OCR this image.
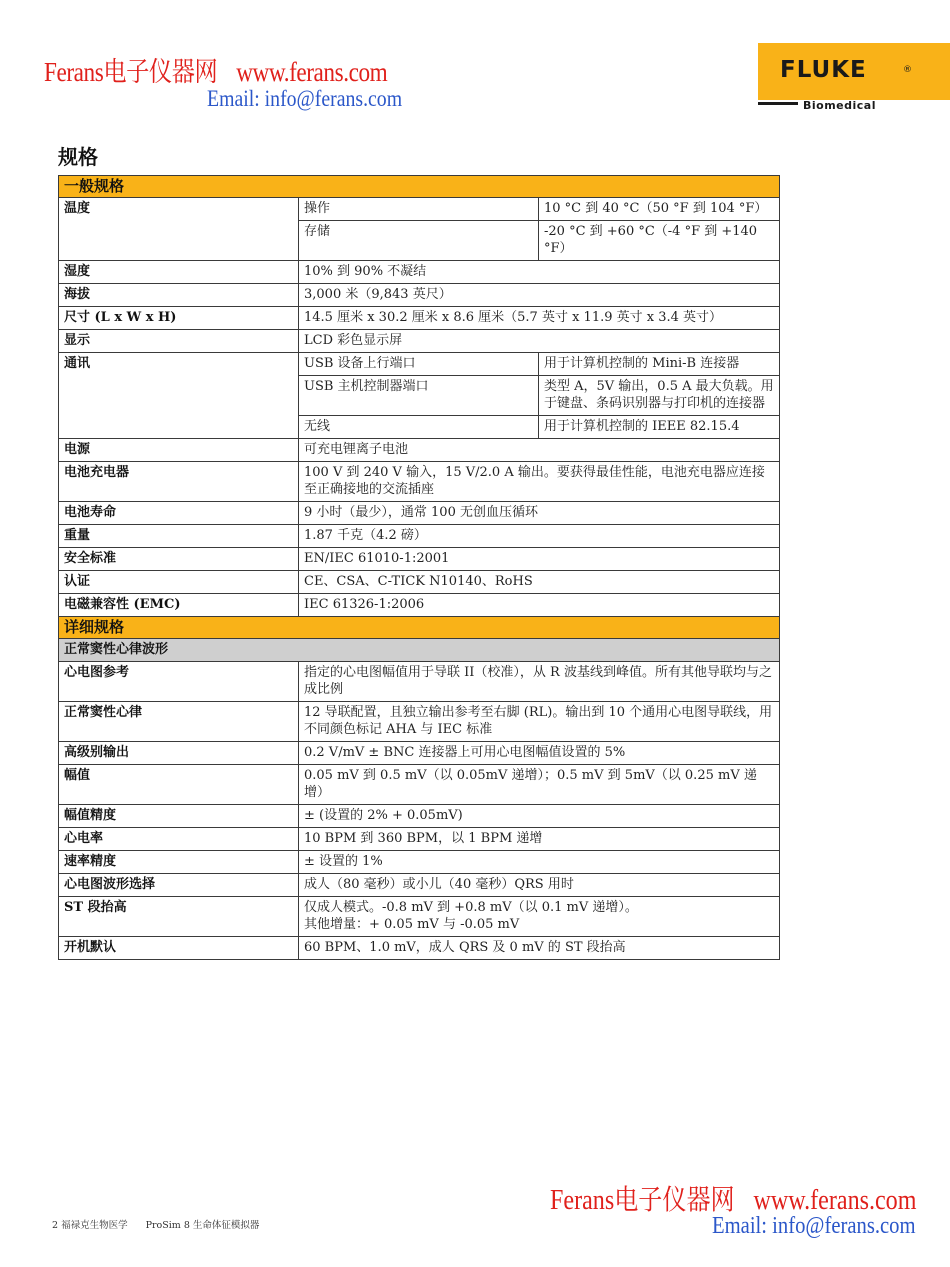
Ferans电子仪器网 www.ferans.com
Email: info@ferans.com
FLUKE	®
Biomedical
规格
一般规格		
温度	操作	10 °C 到 40 °C（50 °F 到 104 °F）
	存储	-20 °C 到 +60 °C（-4 °F 到 +140 °F）
湿度	10% 到 90% 不凝结	
海拔	3,000 米（9,843 英尺）	
尺寸 (L x W x H)	14.5 厘米 x 30.2 厘米 x 8.6 厘米（5.7 英寸 x 11.9 英寸 x 3.4 英寸）	
显示	LCD 彩色显示屏	
通讯	USB 设备上行端口	用于计算机控制的 Mini-B 连接器
	USB 主机控制器端口	类型 A，5V 输出，0.5 A 最大负载。用于键盘、条码识别器与打印机的连接器
	无线	用于计算机控制的 IEEE 82.15.4
电源	可充电锂离子电池	
电池充电器	100 V 到 240 V 输入，15 V/2.0 A 输出。要获得最佳性能，电池充电器应连接至正确接地的交流插座	
电池寿命	9 小时（最少），通常 100 无创血压循环	
重量	1.87 千克（4.2 磅）	
安全标准	EN/IEC 61010-1:2001	
认证	CE、CSA、C-TICK N10140、RoHS	
电磁兼容性 (EMC)	IEC 61326-1:2006	
详细规格		
正常窦性心律波形		
心电图参考	指定的心电图幅值用于导联 II（校准），从 R 波基线到峰值。所有其他导联均与之成比例	
正常窦性心律	12 导联配置，且独立输出参考至右脚 (RL)。输出到 10 个通用心电图导联线，用不同颜色标记 AHA 与 IEC 标准	
高级别输出	0.2 V/mV ± BNC 连接器上可用心电图幅值设置的 5%	
幅值	0.05 mV 到 0.5 mV（以 0.05mV 递增）；0.5 mV 到 5mV（以 0.25 mV 递增）	
幅值精度	± (设置的 2% + 0.05mV)	
心电率	10 BPM 到 360 BPM，以 1 BPM 递增	
速率精度	± 设置的 1%	
心电图波形选择	成人（80 毫秒）或小儿（40 毫秒）QRS 用时	
ST 段抬高	仅成人模式。-0.8 mV 到 +0.8 mV（以 0.1 mV 递增）。
其他增量：+ 0.05 mV 与 -0.05 mV	

开机默认	60 BPM、1.0 mV，成人 QRS 及 0 mV 的 ST 段抬高	
2 福禄克生物医学 ProSim 8 生命体征模拟器
Ferans电子仪器网 www.ferans.com
Email: info@ferans.com
